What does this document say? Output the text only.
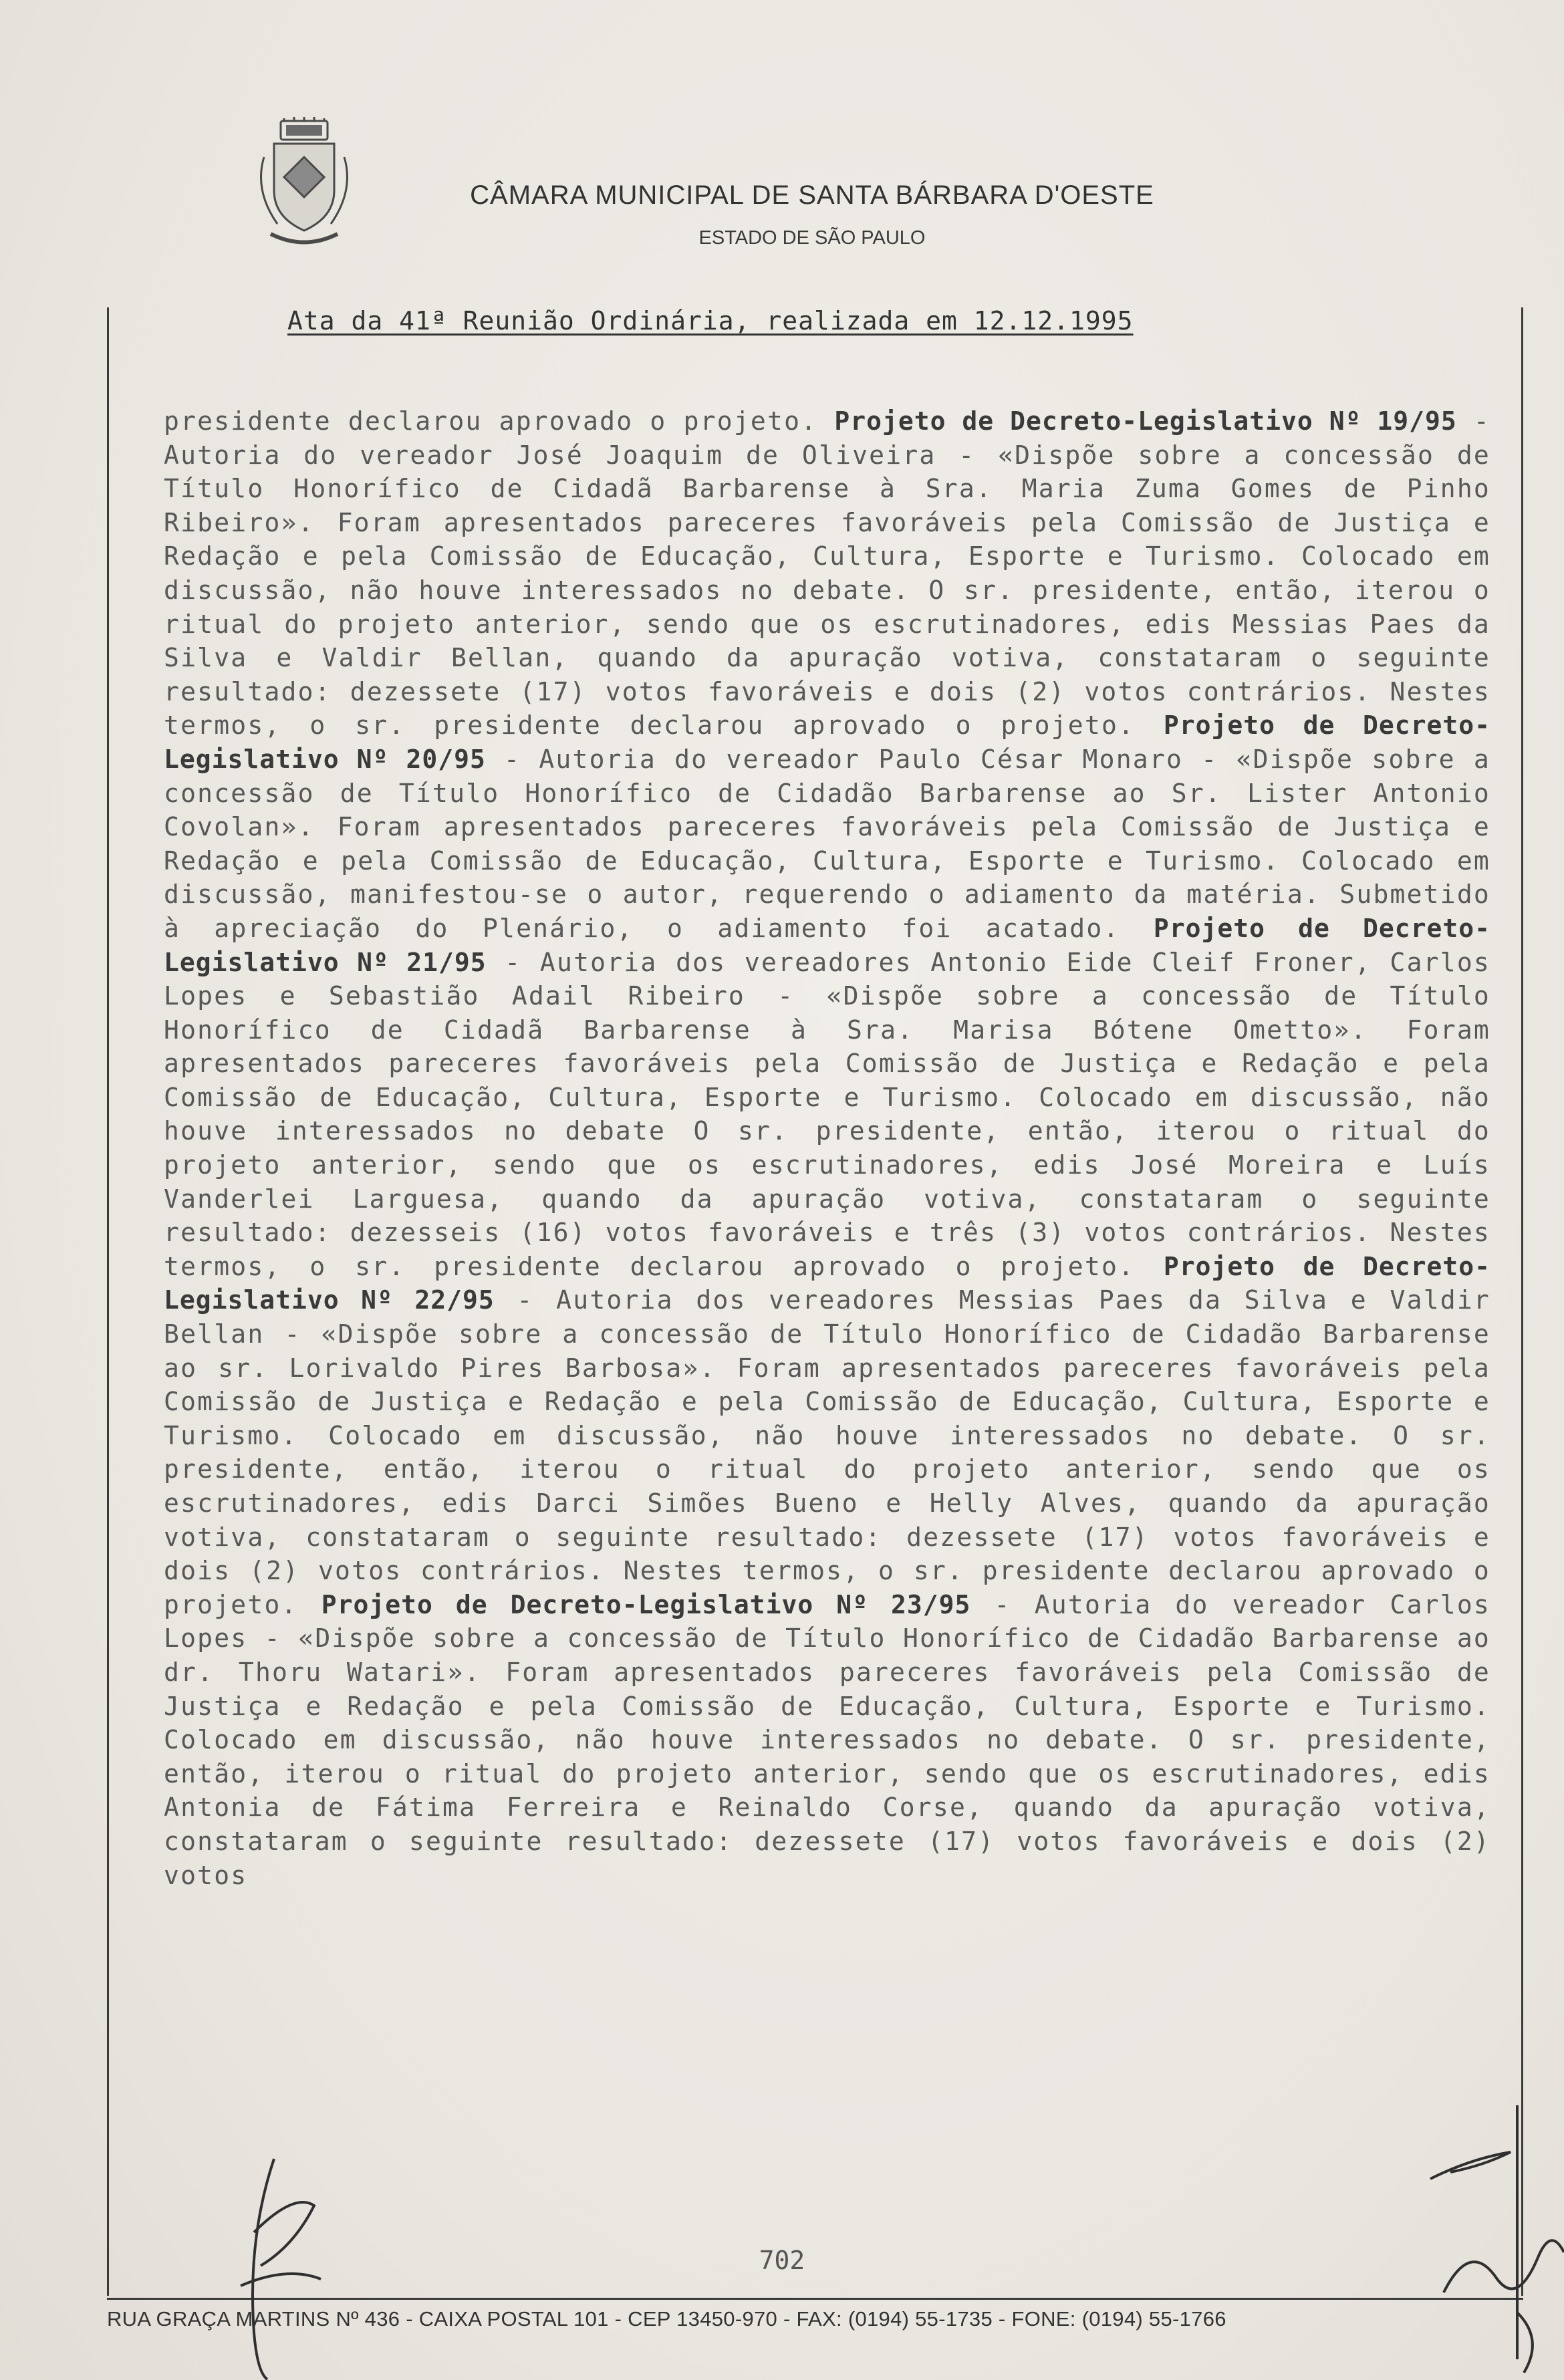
CÂMARA MUNICIPAL DE SANTA BÁRBARA D'OESTE
ESTADO DE SÃO PAULO
Ata da 41ª Reunião Ordinária, realizada em 12.12.1995

presidente declarou aprovado o projeto. Projeto de Decreto-Legislativo Nº 19/95 - Autoria do vereador José Joaquim de Oliveira - «Dispõe sobre a concessão de Título Honorífico de Cidadã Barbarense à Sra. Maria Zuma Gomes de Pinho Ribeiro». Foram apresentados pareceres favoráveis pela Comissão de Justiça e Redação e pela Comissão de Educação, Cultura, Esporte e Turismo. Colocado em discussão, não houve interessados no debate. O sr. presidente, então, iterou o ritual do projeto anterior, sendo que os escrutinadores, edis Messias Paes da Silva e Valdir Bellan, quando da apuração votiva, constataram o seguinte resultado: dezessete (17) votos favoráveis e dois (2) votos contrários. Nestes termos, o sr. presidente declarou aprovado o projeto. Projeto de Decreto-Legislativo Nº 20/95 - Autoria do vereador Paulo César Monaro - «Dispõe sobre a concessão de Título Honorífico de Cidadão Barbarense ao Sr. Lister Antonio Covolan». Foram apresentados pareceres favoráveis pela Comissão de Justiça e Redação e pela Comissão de Educação, Cultura, Esporte e Turismo. Colocado em discussão, manifestou-se o autor, requerendo o adiamento da matéria. Submetido à apreciação do Plenário, o adiamento foi acatado. Projeto de Decreto-Legislativo Nº 21/95 - Autoria dos vereadores Antonio Eide Cleif Froner, Carlos Lopes e Sebastião Adail Ribeiro - «Dispõe sobre a concessão de Título Honorífico de Cidadã Barbarense à Sra. Marisa Bótene Ometto». Foram apresentados pareceres favoráveis pela Comissão de Justiça e Redação e pela Comissão de Educação, Cultura, Esporte e Turismo. Colocado em discussão, não houve interessados no debate O sr. presidente, então, iterou o ritual do projeto anterior, sendo que os escrutinadores, edis José Moreira e Luís Vanderlei Larguesa, quando da apuração votiva, constataram o seguinte resultado: dezesseis (16) votos favoráveis e três (3) votos contrários. Nestes termos, o sr. presidente declarou aprovado o projeto. Projeto de Decreto-Legislativo Nº 22/95 - Autoria dos vereadores Messias Paes da Silva e Valdir Bellan - «Dispõe sobre a concessão de Título Honorífico de Cidadão Barbarense ao sr. Lorivaldo Pires Barbosa». Foram apresentados pareceres favoráveis pela Comissão de Justiça e Redação e pela Comissão de Educação, Cultura, Esporte e Turismo. Colocado em discussão, não houve interessados no debate. O sr. presidente, então, iterou o ritual do projeto anterior, sendo que os escrutinadores, edis Darci Simões Bueno e Helly Alves, quando da apuração votiva, constataram o seguinte resultado: dezessete (17) votos favoráveis e dois (2) votos contrários. Nestes termos, o sr. presidente declarou aprovado o projeto. Projeto de Decreto-Legislativo Nº 23/95 - Autoria do vereador Carlos Lopes - «Dispõe sobre a concessão de Título Honorífico de Cidadão Barbarense ao dr. Thoru Watari». Foram apresentados pareceres favoráveis pela Comissão de Justiça e Redação e pela Comissão de Educação, Cultura, Esporte e Turismo. Colocado em discussão, não houve interessados no debate. O sr. presidente, então, iterou o ritual do projeto anterior, sendo que os escrutinadores, edis Antonia de Fátima Ferreira e Reinaldo Corse, quando da apuração votiva, constataram o seguinte resultado: dezessete (17) votos favoráveis e dois (2) votos

702
RUA GRAÇA MARTINS Nº 436 - CAIXA POSTAL 101 - CEP 13450-970 - FAX: (0194) 55-1735 - FONE: (0194) 55-1766
